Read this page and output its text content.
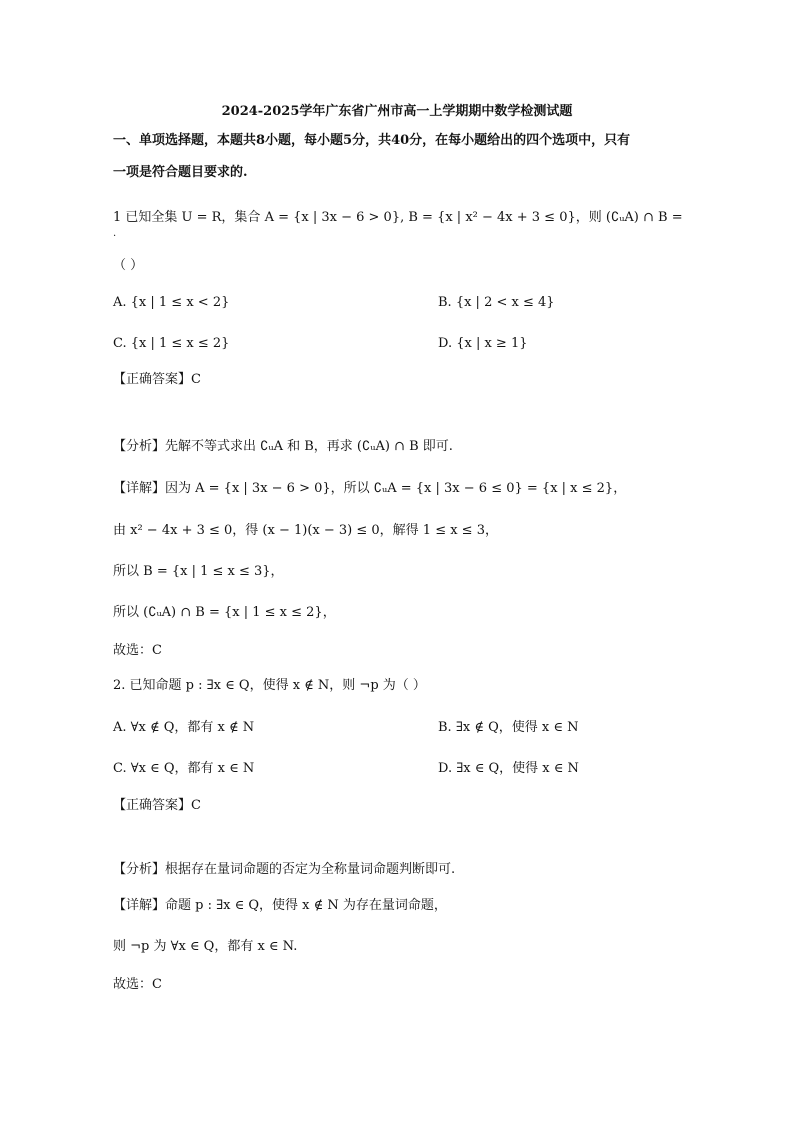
2024-2025学年广东省广州市高一上学期期中数学检测试题
一、单项选择题，本题共8小题，每小题5分，共40分，在每小题给出的四个选项中，只有
一项是符合题目要求的.
1 已知全集 U = R，集合 A = {x | 3x − 6 > 0}, B = {x | x² − 4x + 3 ≤ 0}，则 (∁ᵤA) ∩ B =
.
（ ）
A. {x | 1 ≤ x < 2}	B. {x | 2 < x ≤ 4}
C. {x | 1 ≤ x ≤ 2}	D. {x | x ≥ 1}
【正确答案】C
【分析】先解不等式求出 ∁ᵤA 和 B，再求 (∁ᵤA) ∩ B 即可.
【详解】因为 A = {x | 3x − 6 > 0}，所以 ∁ᵤA = {x | 3x − 6 ≤ 0} = {x | x ≤ 2}，
由 x² − 4x + 3 ≤ 0，得 (x − 1)(x − 3) ≤ 0，解得 1 ≤ x ≤ 3，
所以 B = {x | 1 ≤ x ≤ 3}，
所以 (∁ᵤA) ∩ B = {x | 1 ≤ x ≤ 2}，
故选：C
2. 已知命题 p : ∃x ∈ Q，使得 x ∉ N，则 ¬p 为（ ）
A. ∀x ∉ Q，都有 x ∉ N	B. ∃x ∉ Q，使得 x ∈ N
C. ∀x ∈ Q，都有 x ∈ N	D. ∃x ∈ Q，使得 x ∈ N
【正确答案】C
【分析】根据存在量词命题的否定为全称量词命题判断即可.
【详解】命题 p : ∃x ∈ Q，使得 x ∉ N 为存在量词命题，
则 ¬p 为 ∀x ∈ Q，都有 x ∈ N.
故选：C
